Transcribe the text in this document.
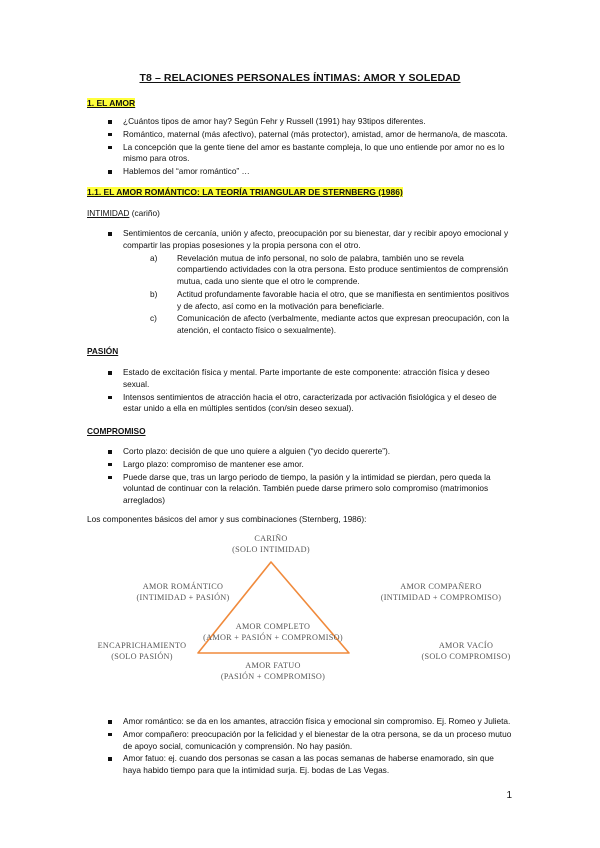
T8 – RELACIONES PERSONALES ÍNTIMAS: AMOR Y SOLEDAD
1. EL AMOR
¿Cuántos tipos de amor hay? Según Fehr y Russell (1991) hay 93tipos diferentes.
Romántico, maternal (más afectivo), paternal (más protector), amistad, amor de hermano/a, de mascota.
La concepción que la gente tiene del amor es bastante compleja, lo que uno entiende por amor no es lo mismo para otros.
Hablemos del “amor romántico” …
1.1. EL AMOR ROMÁNTICO: LA TEORÍA TRIANGULAR DE STERNBERG (1986)
INTIMIDAD (cariño)
Sentimientos de cercanía, unión y afecto, preocupación por su bienestar, dar y recibir apoyo emocional y compartir las propias posesiones y la propia persona con el otro.
a) Revelación mutua de info personal, no solo de palabra, también uno se revela compartiendo actividades con la otra persona. Esto produce sentimientos de comprensión mutua, cada uno siente que el otro le comprende.
b) Actitud profundamente favorable hacia el otro, que se manifiesta en sentimientos positivos y de afecto, así como en la motivación para beneficiarle.
c) Comunicación de afecto (verbalmente, mediante actos que expresan preocupación, con la atención, el contacto físico o sexualmente).
PASIÓN
Estado de excitación física y mental. Parte importante de este componente: atracción física y deseo sexual.
Intensos sentimientos de atracción hacia el otro, caracterizada por activación fisiológica y el deseo de estar unido a ella en múltiples sentidos (con/sin deseo sexual).
COMPROMISO
Corto plazo: decisión de que uno quiere a alguien (“yo decido quererte”).
Largo plazo: compromiso de mantener ese amor.
Puede darse que, tras un largo periodo de tiempo, la pasión y la intimidad se pierdan, pero queda la voluntad de continuar con la relación. También puede darse primero solo compromiso (matrimonios arreglados)
Los componentes básicos del amor y sus combinaciones (Sternberg, 1986):
CARIÑO
(SOLO INTIMIDAD)
AMOR ROMÁNTICO
(INTIMIDAD + PASIÓN)
AMOR COMPAÑERO
(INTIMIDAD + COMPROMISO)
ENCAPRICHAMIENTO
(SOLO PASIÓN)
AMOR VACÍO
(SOLO COMPROMISO)
AMOR COMPLETO
(AMOR + PASIÓN + COMPROMISO)
AMOR FATUO
(PASIÓN + COMPROMISO)
Amor romántico: se da en los amantes, atracción física y emocional sin compromiso. Ej. Romeo y Julieta.
Amor compañero: preocupación por la felicidad y el bienestar de la otra persona, se da un proceso mutuo de apoyo social, comunicación y comprensión. No hay pasión.
Amor fatuo: ej. cuando dos personas se casan a las pocas semanas de haberse enamorado, sin que haya habido tiempo para que la intimidad surja. Ej. bodas de Las Vegas.
1
